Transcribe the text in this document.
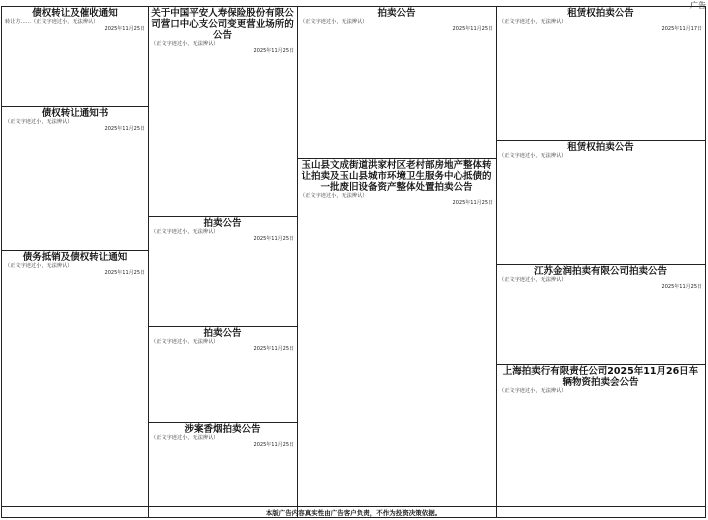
广告
债权转让及催收通知
转让方……（正文字迹过小，无法辨认）
2025年11月25日
债权转让通知书
（正文字迹过小，无法辨认）
2025年11月25日
债务抵销及债权转让通知
（正文字迹过小，无法辨认）
2025年11月25日
关于中国平安人寿保险股份有限公司营口中心支公司变更营业场所的公告
（正文字迹过小，无法辨认）
2025年11月25日
拍卖公告
（正文字迹过小，无法辨认）
2025年11月25日
拍卖公告
（正文字迹过小，无法辨认）
2025年11月25日
涉案香烟拍卖公告
（正文字迹过小，无法辨认）
2025年11月25日
拍卖公告
（正文字迹过小，无法辨认）
2025年11月25日
玉山县文成街道洪家村区老村部房地产整体转让拍卖及玉山县城市环境卫生服务中心抵债的一批废旧设备资产整体处置拍卖公告
（正文字迹过小，无法辨认）
2025年11月25日
租赁权拍卖公告
（正文字迹过小，无法辨认）
2025年11月17日
租赁权拍卖公告
（正文字迹过小，无法辨认）
江苏金润拍卖有限公司拍卖公告
（正文字迹过小，无法辨认）
2025年11月25日
上海拍卖行有限责任公司2025年11月26日车辆物资拍卖会公告
（正文字迹过小，无法辨认）
本版广告内容真实性由广告客户负责，不作为投资决策依据。
